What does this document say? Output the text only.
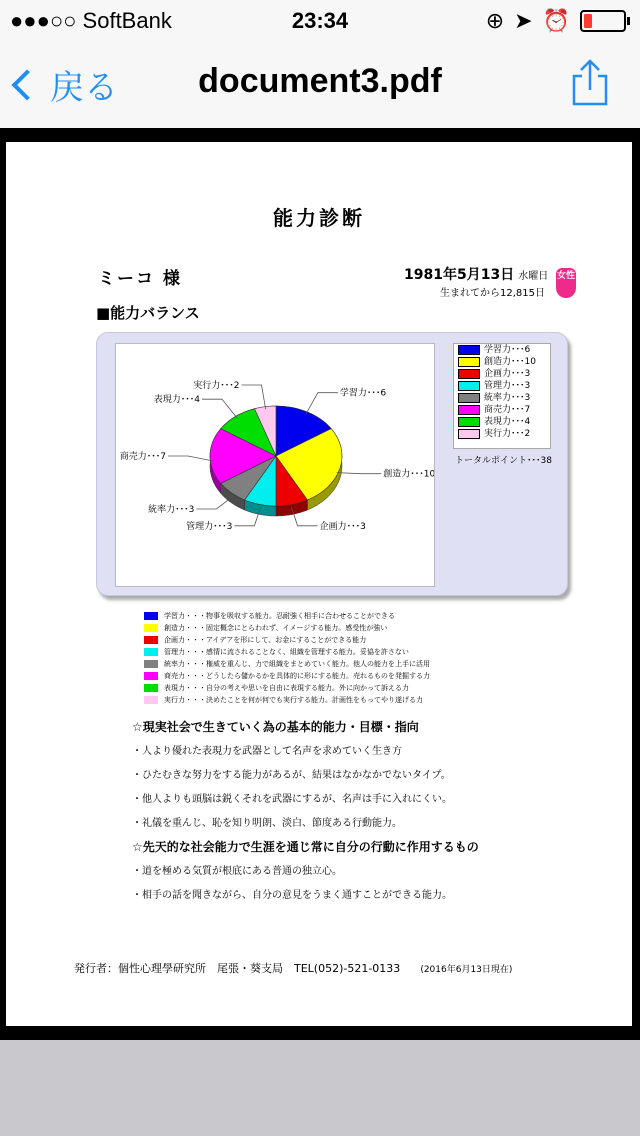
●●●○○ SoftBank	23:34	⊕ ➤ ⏰
戻る	document3.pdf
能力診断
ミーコ 様	1981年5月13日 水曜日
生まれてから12,815日
女性
■能力バランス
学習力･･･6
創造力･･･10
企画力･･･3
管理力･･･3
統率力･･･3
商売力･･･7
表現力･･･4
実行力･･･2
学習力･･･6
創造力･･･10
企画力･･･3
管理力･･･3
統率力･･･3
商売力･･･7
表現力･･･4
実行力･･･2
トータルポイント･･･38
学習力・・・物事を吸収する能力。忍耐強く相手に合わせることができる
創造力・・・固定概念にとらわれず、イメージする能力。感受性が強い
企画力・・・アイデアを形にして、お金にすることができる能力
管理力・・・感情に流されることなく、組織を管理する能力。妥協を許さない
統率力・・・権威を重んじ、力で組織をまとめていく能力。他人の能力を上手に活用
商売力・・・どうしたら儲かるかを具体的に形にする能力。売れるものを発掘する力
表現力・・・自分の考えや思いを自由に表現する能力。外に向かって訴える力
実行力・・・決めたことを何が何でも実行する能力。計画性をもってやり遂げる力
☆現実社会で生きていく為の基本的能力・目標・指向
・人より優れた表現力を武器として名声を求めていく生き方
・ひたむきな努力をする能力があるが、結果はなかなかでないタイプ。
・他人よりも頭脳は鋭くそれを武器にするが、名声は手に入れにくい。
・礼儀を重んじ、恥を知り明朗、淡白、節度ある行動能力。
☆先天的な社会能力で生涯を通じ常に自分の行動に作用するもの
・道を極める気質が根底にある普通の独立心。
・相手の話を聞きながら、自分の意見をうまく通すことができる能力。
発行者：個性心理學研究所　尾張・葵支局　TEL(052)-521-0133 (2016年6月13日現在)
